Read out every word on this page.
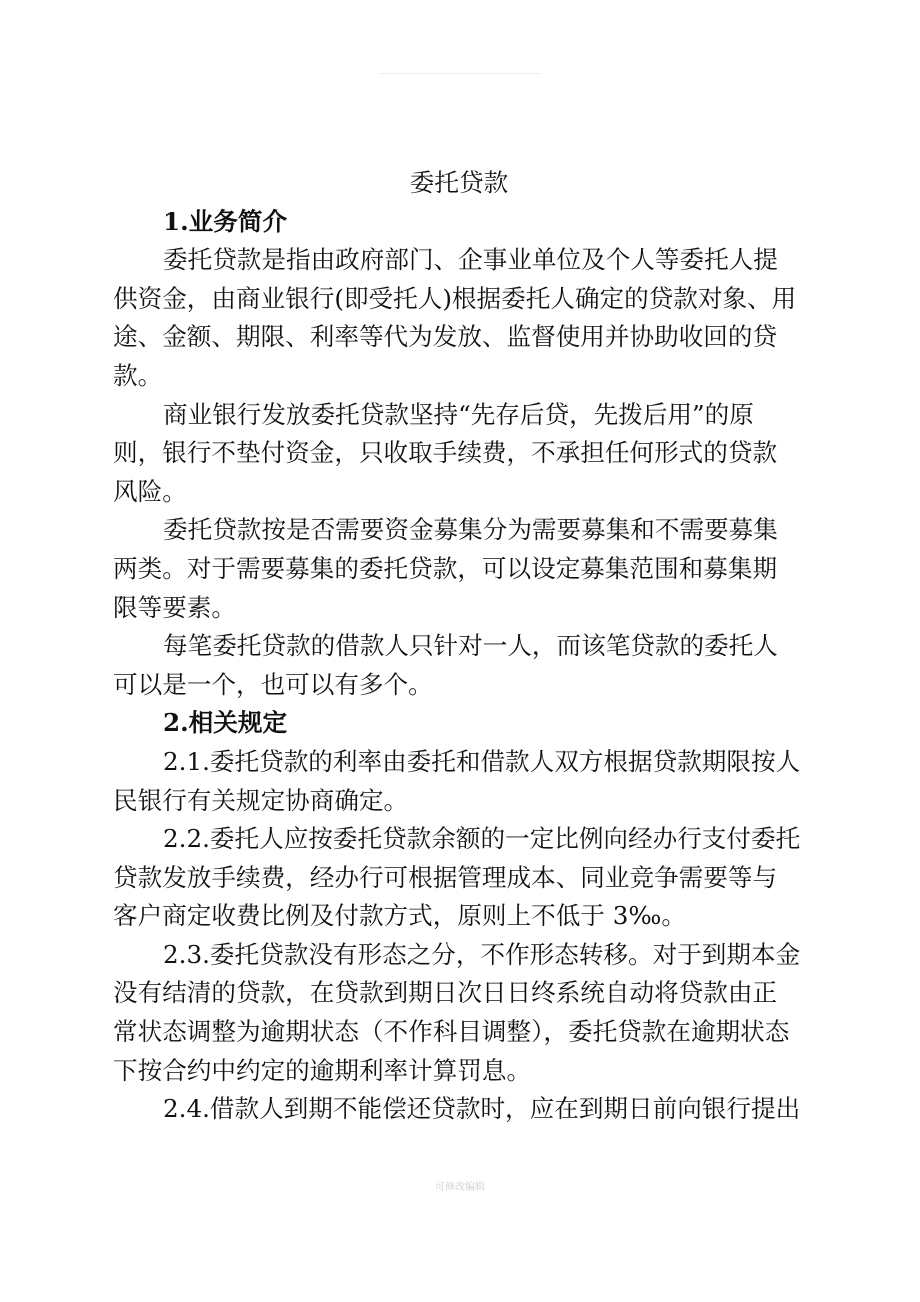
委托贷款
1.业务简介
委托贷款是指由政府部门、企事业单位及个人等委托人提
供资金，由商业银行(即受托人)根据委托人确定的贷款对象、用
途、金额、期限、利率等代为发放、监督使用并协助收回的贷
款。
商业银行发放委托贷款坚持“先存后贷，先拨后用”的原
则，银行不垫付资金，只收取手续费，不承担任何形式的贷款
风险。
委托贷款按是否需要资金募集分为需要募集和不需要募集
两类。对于需要募集的委托贷款，可以设定募集范围和募集期
限等要素。
每笔委托贷款的借款人只针对一人，而该笔贷款的委托人
可以是一个，也可以有多个。
2.相关规定
2.1.委托贷款的利率由委托和借款人双方根据贷款期限按人
民银行有关规定协商确定。
2.2.委托人应按委托贷款余额的一定比例向经办行支付委托
贷款发放手续费，经办行可根据管理成本、同业竞争需要等与
客户商定收费比例及付款方式，原则上不低于 3‰。
2.3.委托贷款没有形态之分，不作形态转移。对于到期本金
没有结清的贷款，在贷款到期日次日日终系统自动将贷款由正
常状态调整为逾期状态（不作科目调整），委托贷款在逾期状态
下按合约中约定的逾期利率计算罚息。
2.4.借款人到期不能偿还贷款时，应在到期日前向银行提出
可修改编辑
